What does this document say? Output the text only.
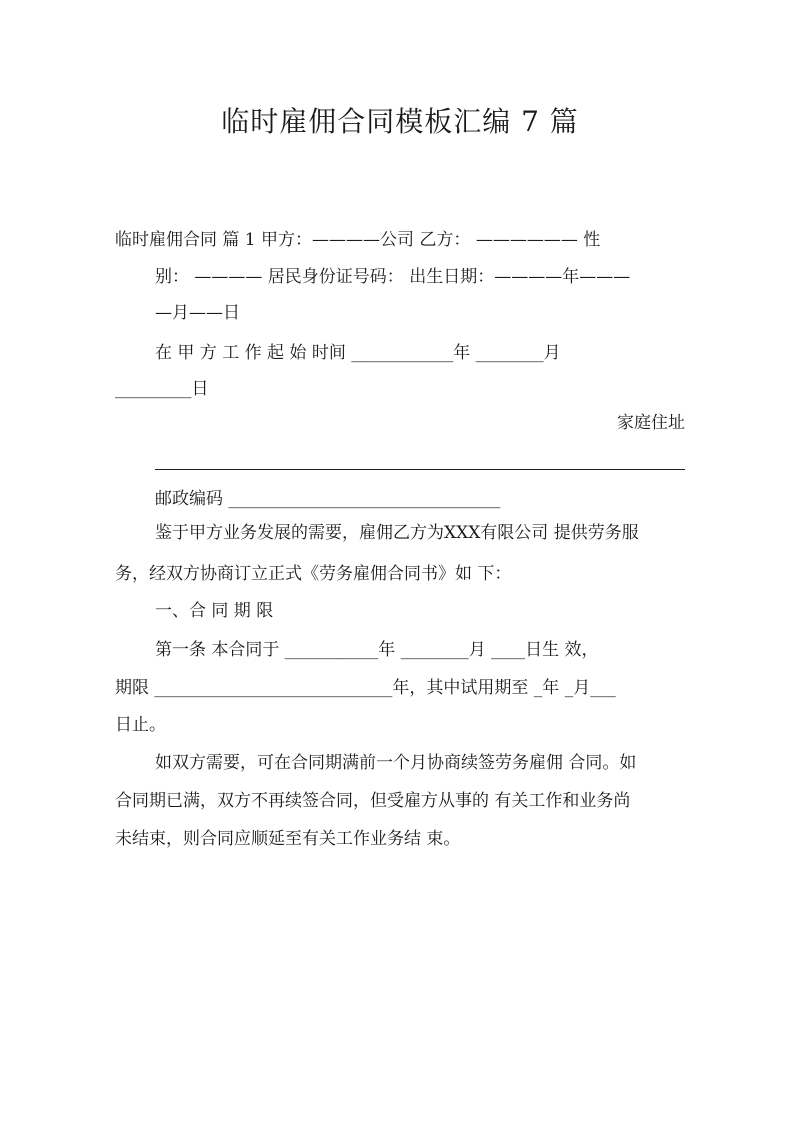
临时雇佣合同模板汇编 7 篇

临时雇佣合同 篇 1 甲方：————公司 乙方： —————— 性

别： ———— 居民身份证号码： 出生日期：————年———

—月——日

在 甲 方 工 作 起 始 时间 ____________年 ________月

_________日

家庭住址

邮政编码 ________________________________

鉴于甲方业务发展的需要，雇佣乙方为XXX有限公司 提供劳务服

务，经双方协商订立正式《劳务雇佣合同书》如 下：

一、合 同 期 限

第一条 本合同于 ___________年 ________月 ____日生 效，

期限 ____________________________年，其中试用期至 _年 _月___

日止。

如双方需要，可在合同期满前一个月协商续签劳务雇佣 合同。如

合同期已满，双方不再续签合同，但受雇方从事的 有关工作和业务尚

未结束，则合同应顺延至有关工作业务结 束。
